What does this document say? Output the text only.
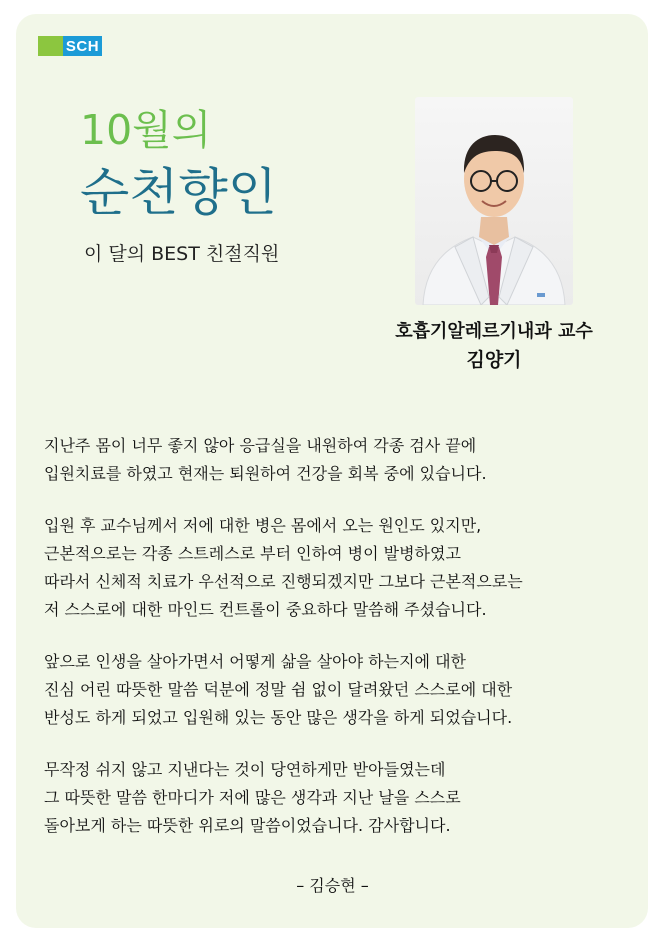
SCH
10월의
순천향인
이 달의 BEST 친절직원
호흡기알레르기내과 교수
김양기
지난주 몸이 너무 좋지 않아 응급실을 내원하여 각종 검사 끝에
입원치료를 하였고 현재는 퇴원하여 건강을 회복 중에 있습니다.
입원 후 교수님께서 저에 대한 병은 몸에서 오는 원인도 있지만,
근본적으로는 각종 스트레스로 부터 인하여 병이 발병하였고
따라서 신체적 치료가 우선적으로 진행되겠지만 그보다 근본적으로는
저 스스로에 대한 마인드 컨트롤이 중요하다 말씀해 주셨습니다.
앞으로 인생을 살아가면서 어떻게 삶을 살아야 하는지에 대한
진심 어린 따뜻한 말씀 덕분에 정말 쉼 없이 달려왔던 스스로에 대한
반성도 하게 되었고 입원해 있는 동안 많은 생각을 하게 되었습니다.
무작정 쉬지 않고 지낸다는 것이 당연하게만 받아들였는데
그 따뜻한 말씀 한마디가 저에 많은 생각과 지난 날을 스스로
돌아보게 하는 따뜻한 위로의 말씀이었습니다. 감사합니다.
– 김승현 –
